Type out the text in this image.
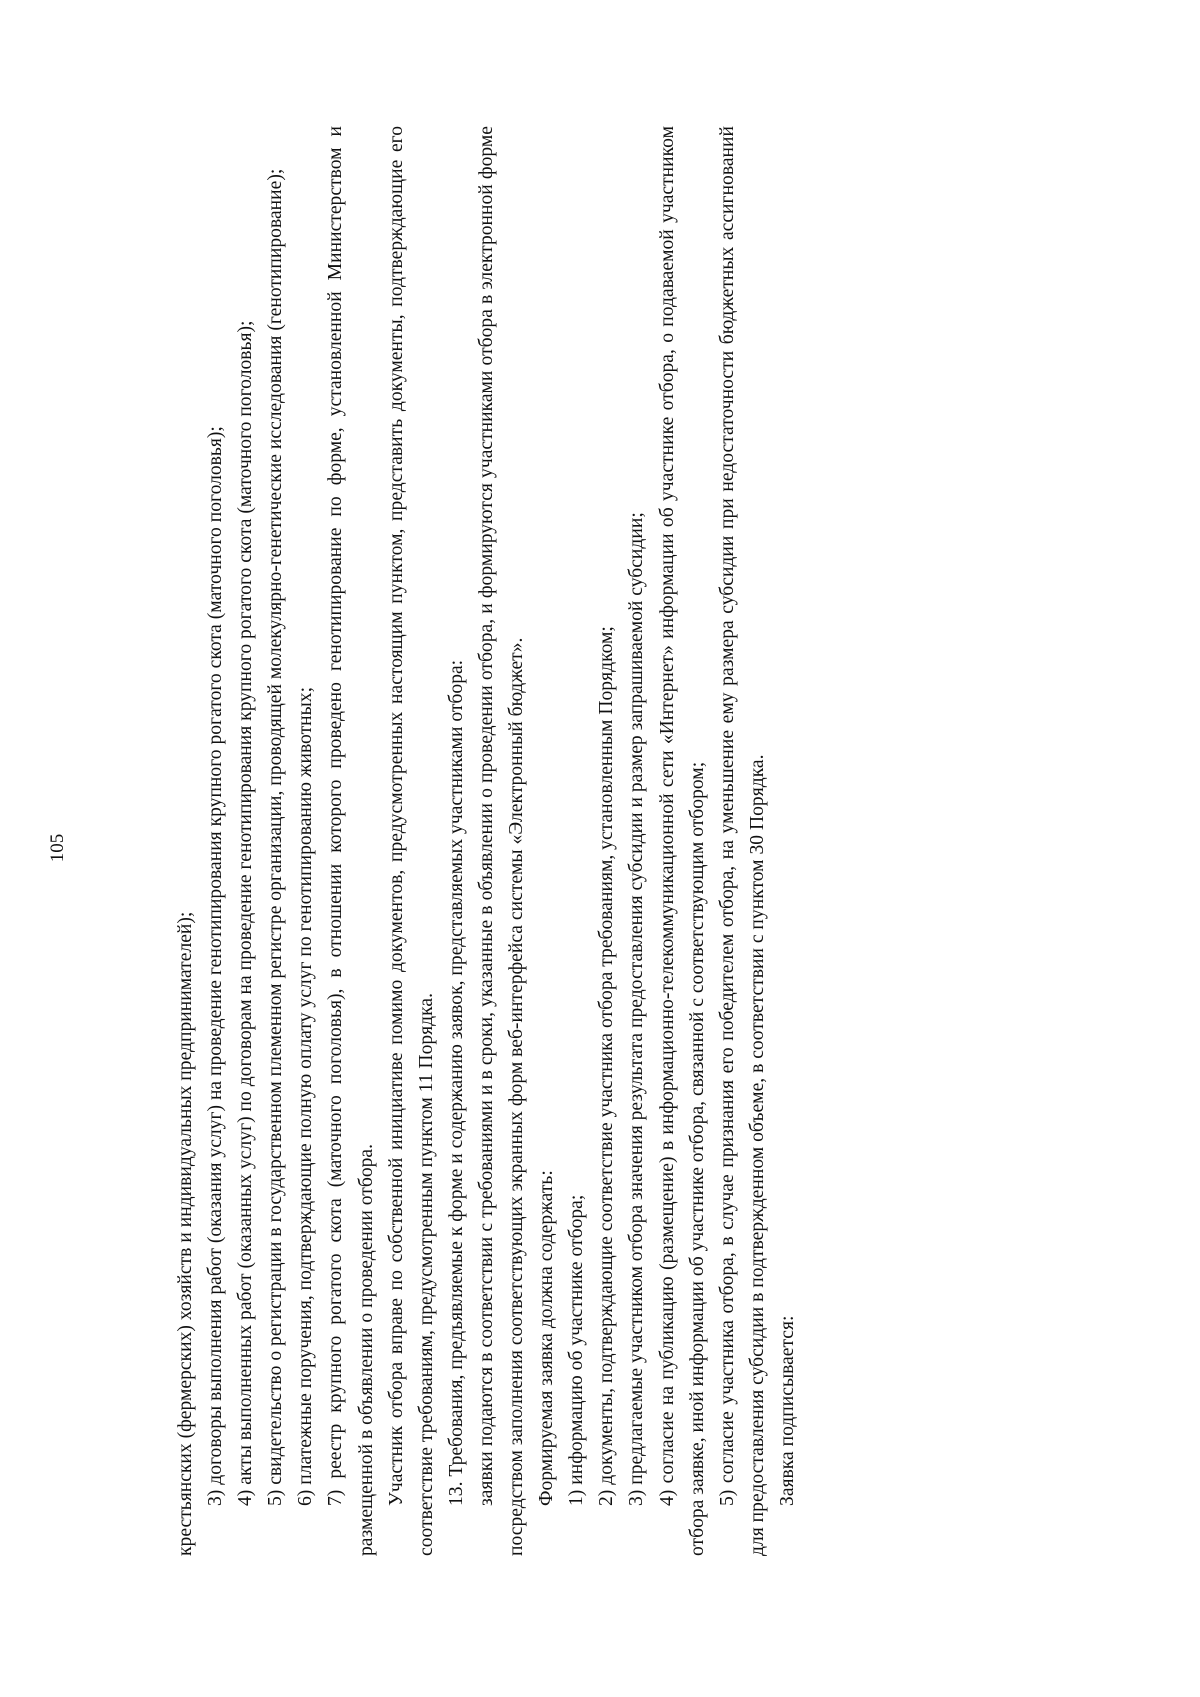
105

крестьянских (фермерских) хозяйств и индивидуальных предпринимателей); 3) договоры выполнения работ (оказания услуг) на проведение генотипирования крупного рогатого скота (маточного поголовья); 4) акты выполненных работ (оказанных услуг) по договорам на проведение генотипирования крупного рогатого скота (маточного поголовья); 5) свидетельство о регистрации в государственном племенном регистре организации, проводящей молекулярно-генетические исследования (генотипирование); 6) платежные поручения, подтверждающие полную оплату услуг по генотипированию животных; 7) реестр крупного рогатого скота (маточного поголовья), в отношении которого проведено генотипирование по форме, установленной Министерством и размещенной в объявлении о проведении отбора. Участник отбора вправе по собственной инициативе помимо документов, предусмотренных настоящим пунктом, представить документы, подтверждающие его соответствие требованиям, предусмотренным пунктом 11 Порядка. 13. Требования, предъявляемые к форме и содержанию заявок, представляемых участниками отбора: заявки подаются в соответствии с требованиями и в сроки, указанные в объявлении о проведении отбора, и формируются участниками отбора в электронной форме посредством заполнения соответствующих экранных форм веб-интерфейса системы «Электронный бюджет». Формируемая заявка должна содержать: 1) информацию об участнике отбора; 2) документы, подтверждающие соответствие участника отбора требованиям, установленным Порядком; 3) предлагаемые участником отбора значения результата предоставления субсидии и размер запрашиваемой субсидии; 4) согласие на публикацию (размещение) в информационно-телекоммуникационной сети «Интернет» информации об участнике отбора, о подаваемой участником отбора заявке, иной информации об участнике отбора, связанной с соответствующим отбором; 5) согласие участника отбора, в случае признания его победителем отбора, на уменьшение ему размера субсидии при недостаточности бюджетных ассигнований для предоставления субсидии в подтвержденном объеме, в соответствии с пунктом 30 Порядка. Заявка подписывается:
